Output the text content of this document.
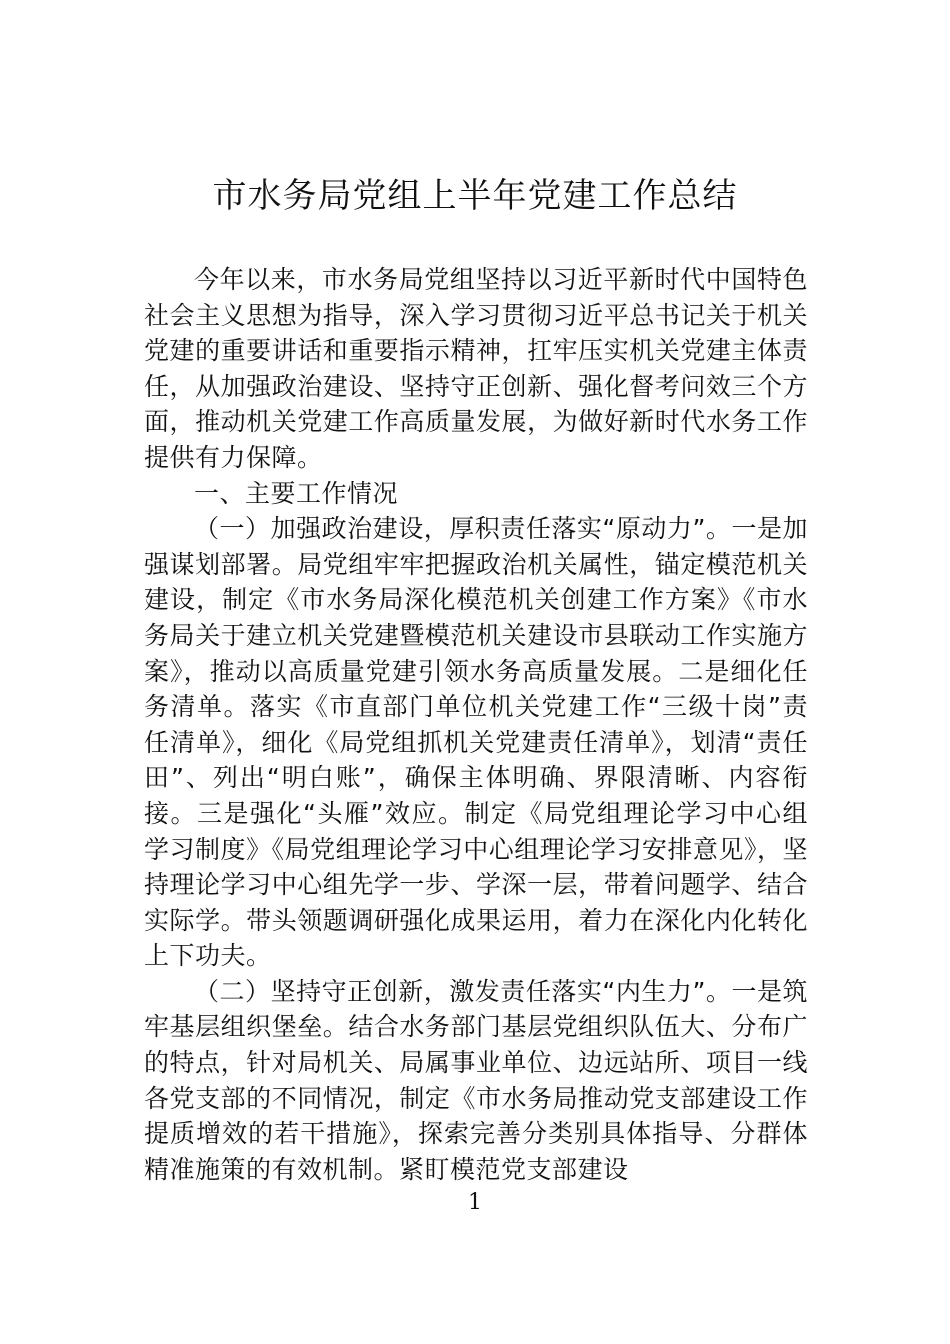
市水务局党组上半年党建工作总结

今年以来，市水务局党组坚持以习近平新时代中国特色社会主义思想为指导，深入学习贯彻习近平总书记关于机关党建的重要讲话和重要指示精神，扛牢压实机关党建主体责任，从加强政治建设、坚持守正创新、强化督考问效三个方面，推动机关党建工作高质量发展，为做好新时代水务工作提供有力保障。

一、主要工作情况

（一）加强政治建设，厚积责任落实“原动力”。一是加强谋划部署。局党组牢牢把握政治机关属性，锚定模范机关建设，制定《市水务局深化模范机关创建工作方案》《市水务局关于建立机关党建暨模范机关建设市县联动工作实施方案》，推动以高质量党建引领水务高质量发展。二是细化任务清单。落实《市直部门单位机关党建工作“三级十岗”责任清单》，细化《局党组抓机关党建责任清单》，划清“责任田”、列出“明白账”，确保主体明确、界限清晰、内容衔接。三是强化“头雁”效应。制定《局党组理论学习中心组学习制度》《局党组理论学习中心组理论学习安排意见》，坚持理论学习中心组先学一步、学深一层，带着问题学、结合实际学。带头领题调研强化成果运用，着力在深化内化转化上下功夫。

（二）坚持守正创新，激发责任落实“内生力”。一是筑牢基层组织堡垒。结合水务部门基层党组织队伍大、分布广的特点，针对局机关、局属事业单位、边远站所、项目一线各党支部的不同情况，制定《市水务局推动党支部建设工作提质增效的若干措施》，探索完善分类别具体指导、分群体精准施策的有效机制。紧盯模范党支部建设

1
